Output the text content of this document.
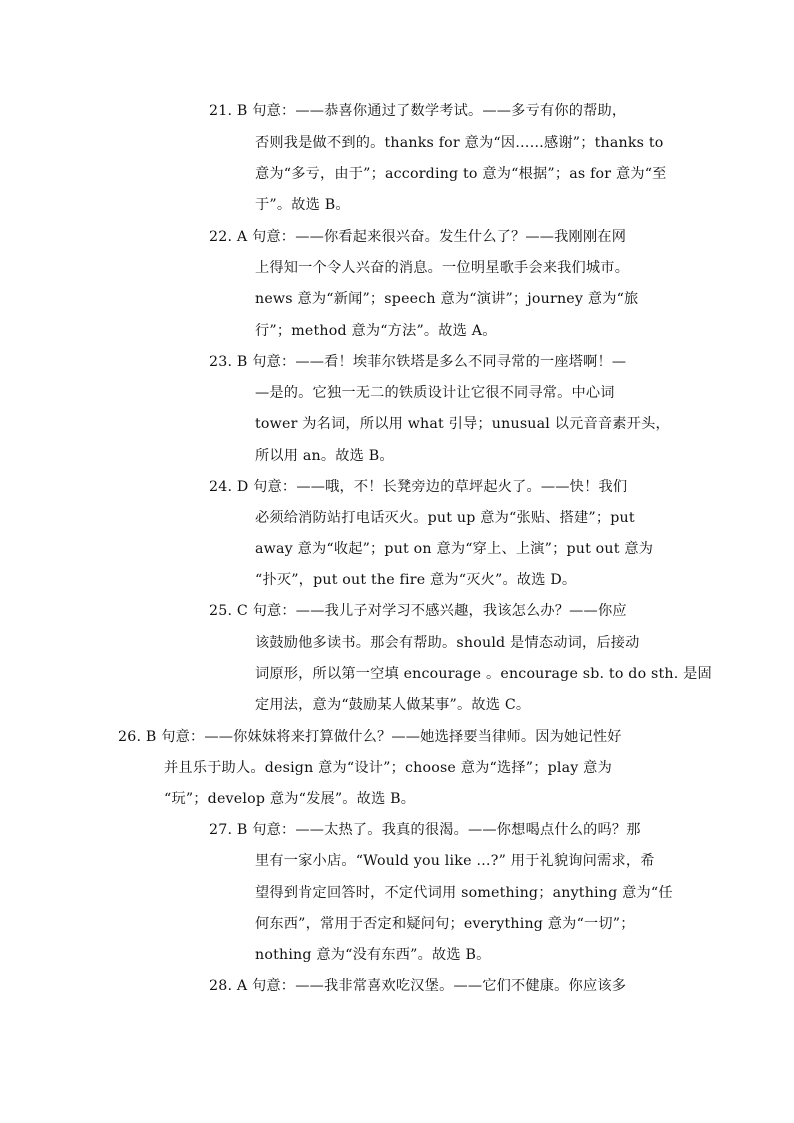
21. B 句意：——恭喜你通过了数学考试。——多亏有你的帮助，
否则我是做不到的。thanks for 意为“因……感谢”；thanks to
意为“多亏，由于”；according to 意为“根据”；as for 意为“至
于”。故选 B。
22. A 句意：——你看起来很兴奋。发生什么了？——我刚刚在网
上得知一个令人兴奋的消息。一位明星歌手会来我们城市。
news 意为“新闻”；speech 意为“演讲”；journey 意为“旅
行”；method 意为“方法”。故选 A。
23. B 句意：——看！埃菲尔铁塔是多么不同寻常的一座塔啊！—
—是的。它独一无二的铁质设计让它很不同寻常。中心词
tower 为名词，所以用 what 引导；unusual 以元音音素开头，
所以用 an。故选 B。
24. D 句意：——哦，不！长凳旁边的草坪起火了。——快！我们
必须给消防站打电话灭火。put up 意为“张贴、搭建”；put
away 意为“收起”；put on 意为“穿上、上演”；put out 意为
“扑灭”，put out the fire 意为“灭火”。故选 D。
25. C 句意：——我儿子对学习不感兴趣，我该怎么办？——你应
该鼓励他多读书。那会有帮助。should 是情态动词，后接动
词原形，所以第一空填 encourage 。encourage sb. to do sth. 是固
定用法，意为“鼓励某人做某事”。故选 C。
26. B 句意：——你妹妹将来打算做什么？——她选择要当律师。因为她记性好
并且乐于助人。design 意为“设计”；choose 意为“选择”；play 意为
“玩”；develop 意为“发展”。故选 B。
27. B 句意：——太热了。我真的很渴。——你想喝点什么的吗？那
里有一家小店。“Would you like …?” 用于礼貌询问需求，希
望得到肯定回答时，不定代词用 something；anything 意为“任
何东西”，常用于否定和疑问句；everything 意为“一切”；
nothing 意为“没有东西”。故选 B。
28. A 句意：——我非常喜欢吃汉堡。——它们不健康。你应该多
